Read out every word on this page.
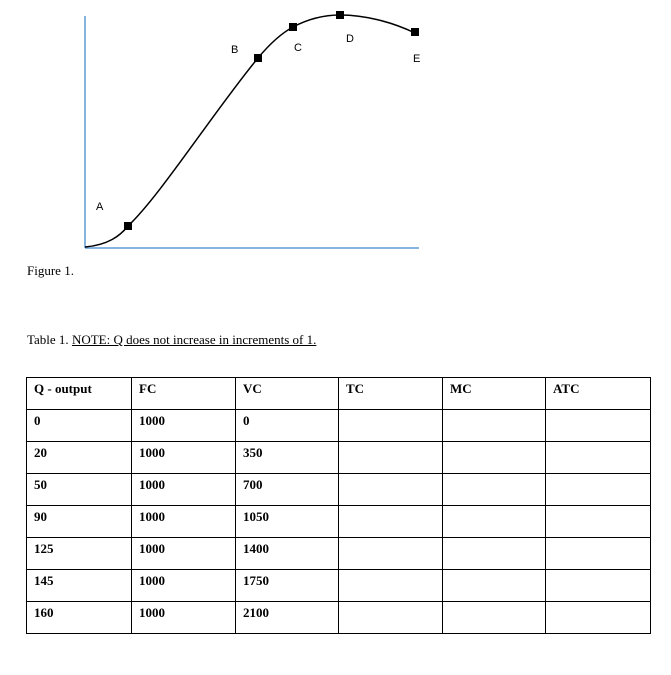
A
B	C
D
E
Figure 1.
Table 1. NOTE: Q does not increase in increments of 1.
Q - output	FC	VC	TC	MC	ATC
0	1000	0			
20	1000	350			
50	1000	700			
90	1000	1050			
125	1000	1400			
145	1000	1750			
160	1000	2100			
